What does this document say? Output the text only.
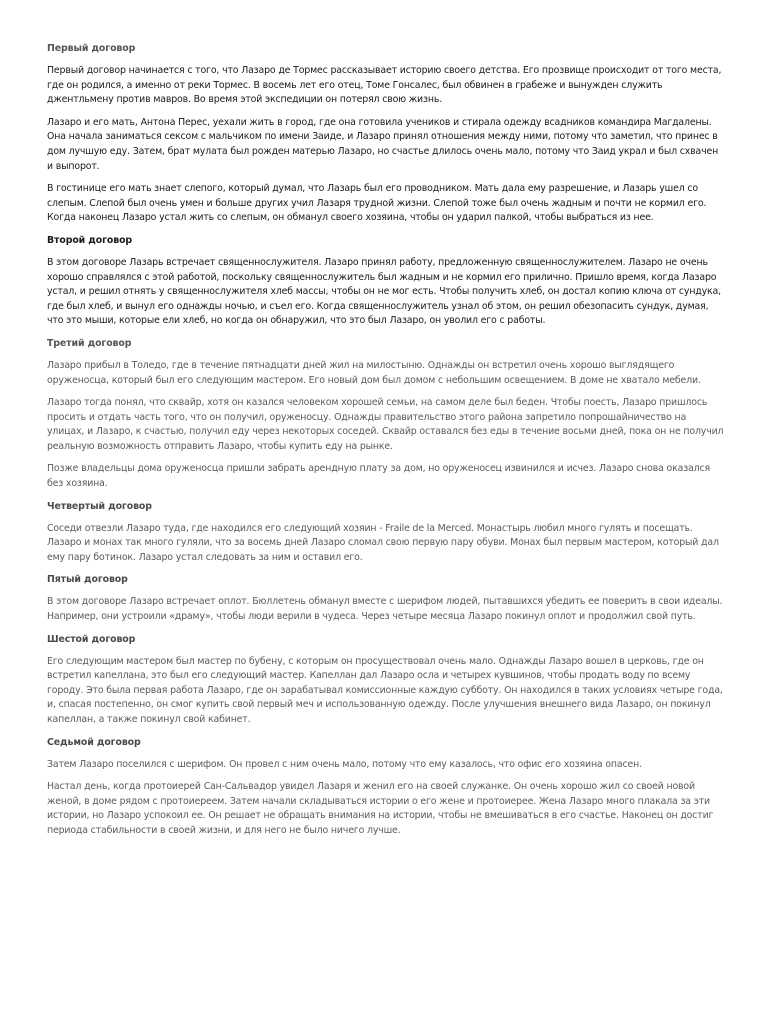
Первый договор

Первый договор начинается с того, что Лазаро де Тормес рассказывает историю своего детства. Его прозвище происходит от того места, где он родился, а именно от реки Тормес. В восемь лет его отец, Томе Гонсалес, был обвинен в грабеже и вынужден служить джентльмену против мавров. Во время этой экспедиции он потерял свою жизнь.

Лазаро и его мать, Антона Перес, уехали жить в город, где она готовила учеников и стирала одежду всадников командира Магдалены. Она начала заниматься сексом с мальчиком по имени Заиде, и Лазаро принял отношения между ними, потому что заметил, что принес в дом лучшую еду. Затем, брат мулата был рожден матерью Лазаро, но счастье длилось очень мало, потому что Заид украл и был схвачен и выпорот.

В гостинице его мать знает слепого, который думал, что Лазарь был его проводником. Мать дала ему разрешение, и Лазарь ушел со слепым. Слепой был очень умен и больше других учил Лазаря трудной жизни. Слепой тоже был очень жадным и почти не кормил его. Когда наконец Лазаро устал жить со слепым, он обманул своего хозяина, чтобы он ударил палкой, чтобы выбраться из нее.

Второй договор

В этом договоре Лазарь встречает священнослужителя. Лазаро принял работу, предложенную священнослужителем. Лазаро не очень хорошо справлялся с этой работой, поскольку священнослужитель был жадным и не кормил его прилично. Пришло время, когда Лазаро устал, и решил отнять у священнослужителя хлеб массы, чтобы он не мог есть. Чтобы получить хлеб, он достал копию ключа от сундука, где был хлеб, и вынул его однажды ночью, и съел его. Когда священнослужитель узнал об этом, он решил обезопасить сундук, думая, что это мыши, которые ели хлеб, но когда он обнаружил, что это был Лазаро, он уволил его с работы.

Третий договор

Лазаро прибыл в Толедо, где в течение пятнадцати дней жил на милостыню. Однажды он встретил очень хорошо выглядящего оруженосца, который был его следующим мастером. Его новый дом был домом с небольшим освещением. В доме не хватало мебели.

Лазаро тогда понял, что сквайр, хотя он казался человеком хорошей семьи, на самом деле был беден. Чтобы поесть, Лазаро пришлось просить и отдать часть того, что он получил, оруженосцу. Однажды правительство этого района запретило попрошайничество на улицах, и Лазаро, к счастью, получил еду через некоторых соседей. Сквайр оставался без еды в течение восьми дней, пока он не получил реальную возможность отправить Лазаро, чтобы купить еду на рынке.

Позже владельцы дома оруженосца пришли забрать арендную плату за дом, но оруженосец извинился и исчез. Лазаро снова оказался без хозяина.

Четвертый договор

Соседи отвезли Лазаро туда, где находился его следующий хозяин - Fraile de la Merced. Монастырь любил много гулять и посещать. Лазаро и монах так много гуляли, что за восемь дней Лазаро сломал свою первую пару обуви. Монах был первым мастером, который дал ему пару ботинок. Лазаро устал следовать за ним и оставил его.

Пятый договор

В этом договоре Лазаро встречает оплот. Бюллетень обманул вместе с шерифом людей, пытавшихся убедить ее поверить в свои идеалы. Например, они устроили «драму», чтобы люди верили в чудеса. Через четыре месяца Лазаро покинул оплот и продолжил свой путь.

Шестой договор

Его следующим мастером был мастер по бубену, с которым он просуществовал очень мало. Однажды Лазаро вошел в церковь, где он встретил капеллана, это был его следующий мастер. Капеллан дал Лазаро осла и четырех кувшинов, чтобы продать воду по всему городу. Это была первая работа Лазаро, где он зарабатывал комиссионные каждую субботу. Он находился в таких условиях четыре года, и, спасая постепенно, он смог купить свой первый меч и использованную одежду. После улучшения внешнего вида Лазаро, он покинул капеллан, а также покинул свой кабинет.

Седьмой договор

Затем Лазаро поселился с шерифом. Он провел с ним очень мало, потому что ему казалось, что офис его хозяина опасен.

Настал день, когда протоиерей Сан-Сальвадор увидел Лазаря и женил его на своей служанке. Он очень хорошо жил со своей новой женой, в доме рядом с протоиереем. Затем начали складываться истории о его жене и протоиерее. Жена Лазаро много плакала за эти истории, но Лазаро успокоил ее. Он решает не обращать внимания на истории, чтобы не вмешиваться в его счастье. Наконец он достиг периода стабильности в своей жизни, и для него не было ничего лучше.
